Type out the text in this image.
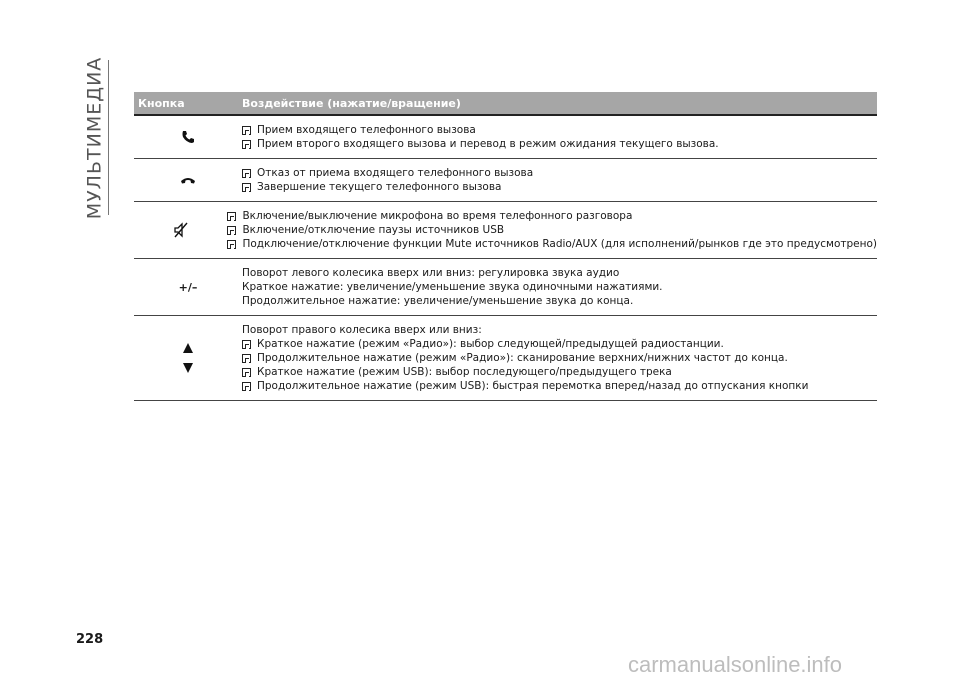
МУЛЬТИМЕДИА	Кнопка	Воздействие (нажатие/вращение)
Прием входящего телефонного вызова
Прием второго входящего вызова и перевод в режим ожидания текущего вызова.
Отказ от приема входящего телефонного вызова
Завершение текущего телефонного вызова
Включение/выключение микрофона во время телефонного разговора
Включение/отключение паузы источников USB
Подключение/отключение функции Mute источников Radio/AUX (для исполнений/рынков где это предусмотрено)
+/–
Поворот левого колесика вверх или вниз: регулировка звука аудио
Краткое нажатие: увеличение/уменьшение звука одиночными нажатиями.
Продолжительное нажатие: увеличение/уменьшение звука до конца.
Поворот правого колесика вверх или вниз:
Краткое нажатие (режим «Радио»): выбор следующей/предыдущей радиостанции.
Продолжительное нажатие (режим «Радио»): сканирование верхних/нижних частот до конца.
Краткое нажатие (режим USB): выбор последующего/предыдущего трека
Продолжительное нажатие (режим USB): быстрая перемотка вперед/назад до отпускания кнопки
228
carmanualsonline.info
